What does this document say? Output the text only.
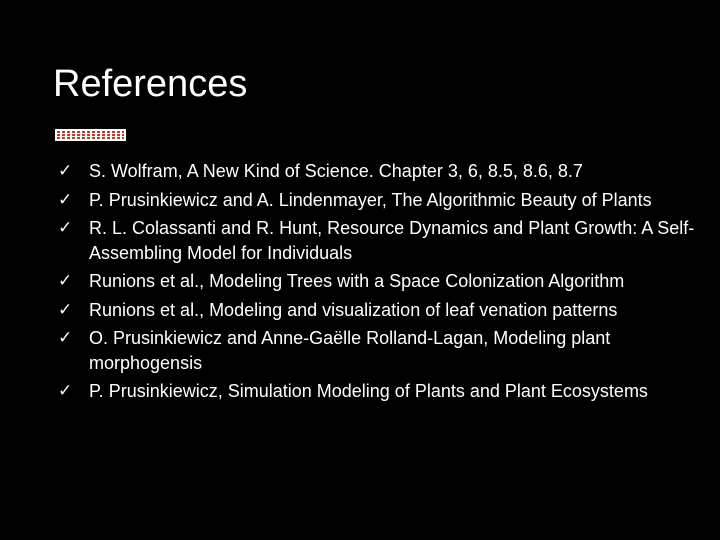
References
✓ S. Wolfram, A New Kind of Science. Chapter 3, 6, 8.5, 8.6, 8.7
✓ P. Prusinkiewicz and A. Lindenmayer, The Algorithmic Beauty of Plants
✓ R. L. Colassanti and R. Hunt, Resource Dynamics and Plant Growth: A Self-Assembling Model for Individuals
✓ Runions et al., Modeling Trees with a Space Colonization Algorithm
✓ Runions et al., Modeling and visualization of leaf venation patterns
✓ O. Prusinkiewicz and Anne-Gaëlle Rolland-Lagan, Modeling plant morphogensis
✓ P. Prusinkiewicz, Simulation Modeling of Plants and Plant Ecosystems
